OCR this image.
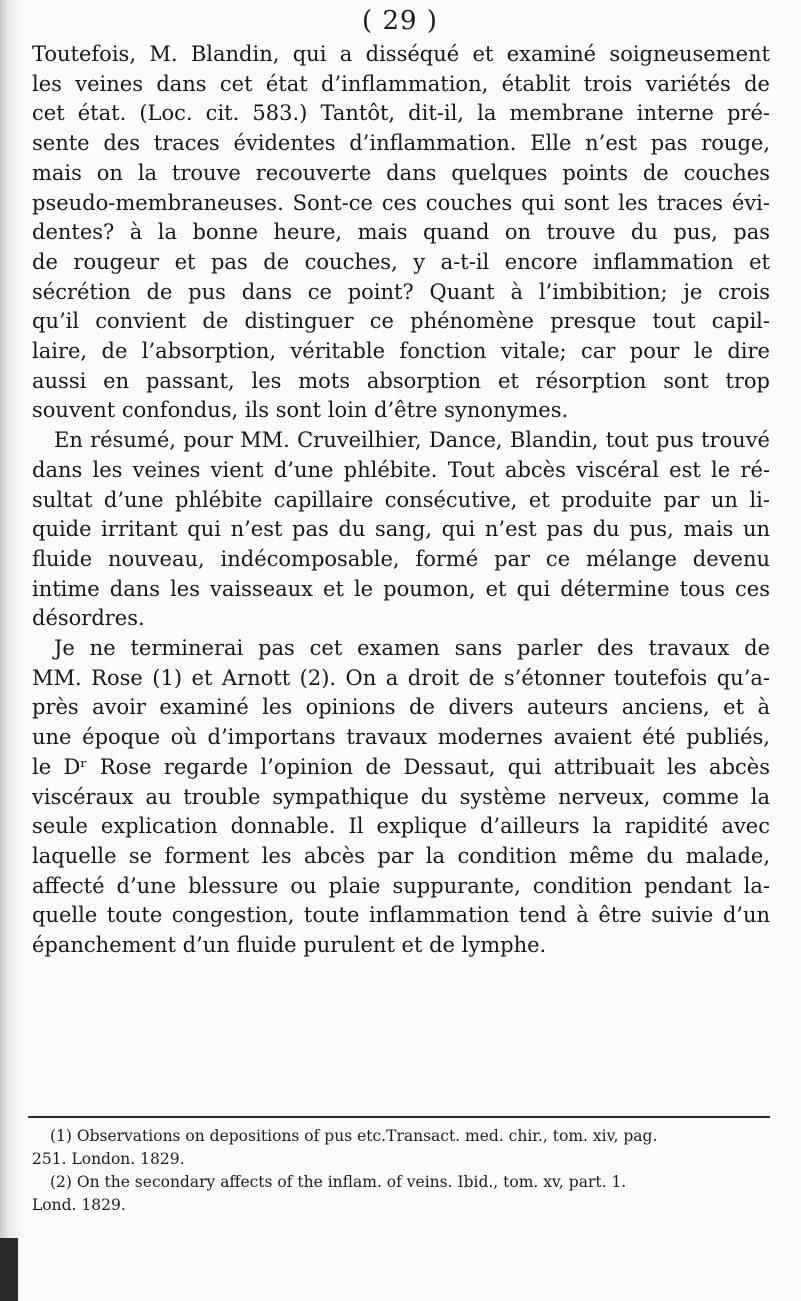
( 29 )
Toutefois, M. Blandin, qui a disséqué et examiné soigneusement
les veines dans cet état d’inflammation, établit trois variétés de
cet état. (Loc. cit. 583.) Tantôt, dit-il, la membrane interne pré-
sente des traces évidentes d’inflammation. Elle n’est pas rouge,
mais on la trouve recouverte dans quelques points de couches
pseudo-membraneuses. Sont-ce ces couches qui sont les traces évi-
dentes? à la bonne heure, mais quand on trouve du pus, pas
de rougeur et pas de couches, y a-t-il encore inflammation et
sécrétion de pus dans ce point? Quant à l’imbibition; je crois
qu’il convient de distinguer ce phénomène presque tout capil-
laire, de l’absorption, véritable fonction vitale; car pour le dire
aussi en passant, les mots absorption et résorption sont trop
souvent confondus, ils sont loin d’être synonymes.
En résumé, pour MM. Cruveilhier, Dance, Blandin, tout pus trouvé
dans les veines vient d’une phlébite. Tout abcès viscéral est le ré-
sultat d’une phlébite capillaire consécutive, et produite par un li-
quide irritant qui n’est pas du sang, qui n’est pas du pus, mais un
fluide nouveau, indécomposable, formé par ce mélange devenu
intime dans les vaisseaux et le poumon, et qui détermine tous ces
désordres.
Je ne terminerai pas cet examen sans parler des travaux de
MM. Rose (1) et Arnott (2). On a droit de s’étonner toutefois qu’a-
près avoir examiné les opinions de divers auteurs anciens, et à
une époque où d’importans travaux modernes avaient été publiés,
le Dʳ Rose regarde l’opinion de Dessaut, qui attribuait les abcès
viscéraux au trouble sympathique du système nerveux, comme la
seule explication donnable. Il explique d’ailleurs la rapidité avec
laquelle se forment les abcès par la condition même du malade,
affecté d’une blessure ou plaie suppurante, condition pendant la-
quelle toute congestion, toute inflammation tend à être suivie d’un
épanchement d’un fluide purulent et de lymphe.
(1) Observations on depositions of pus etc.Transact. med. chir., tom. xiv, pag.
251. London. 1829.
(2) On the secondary affects of the inflam. of veins. Ibid., tom. xv, part. 1.
Lond. 1829.
